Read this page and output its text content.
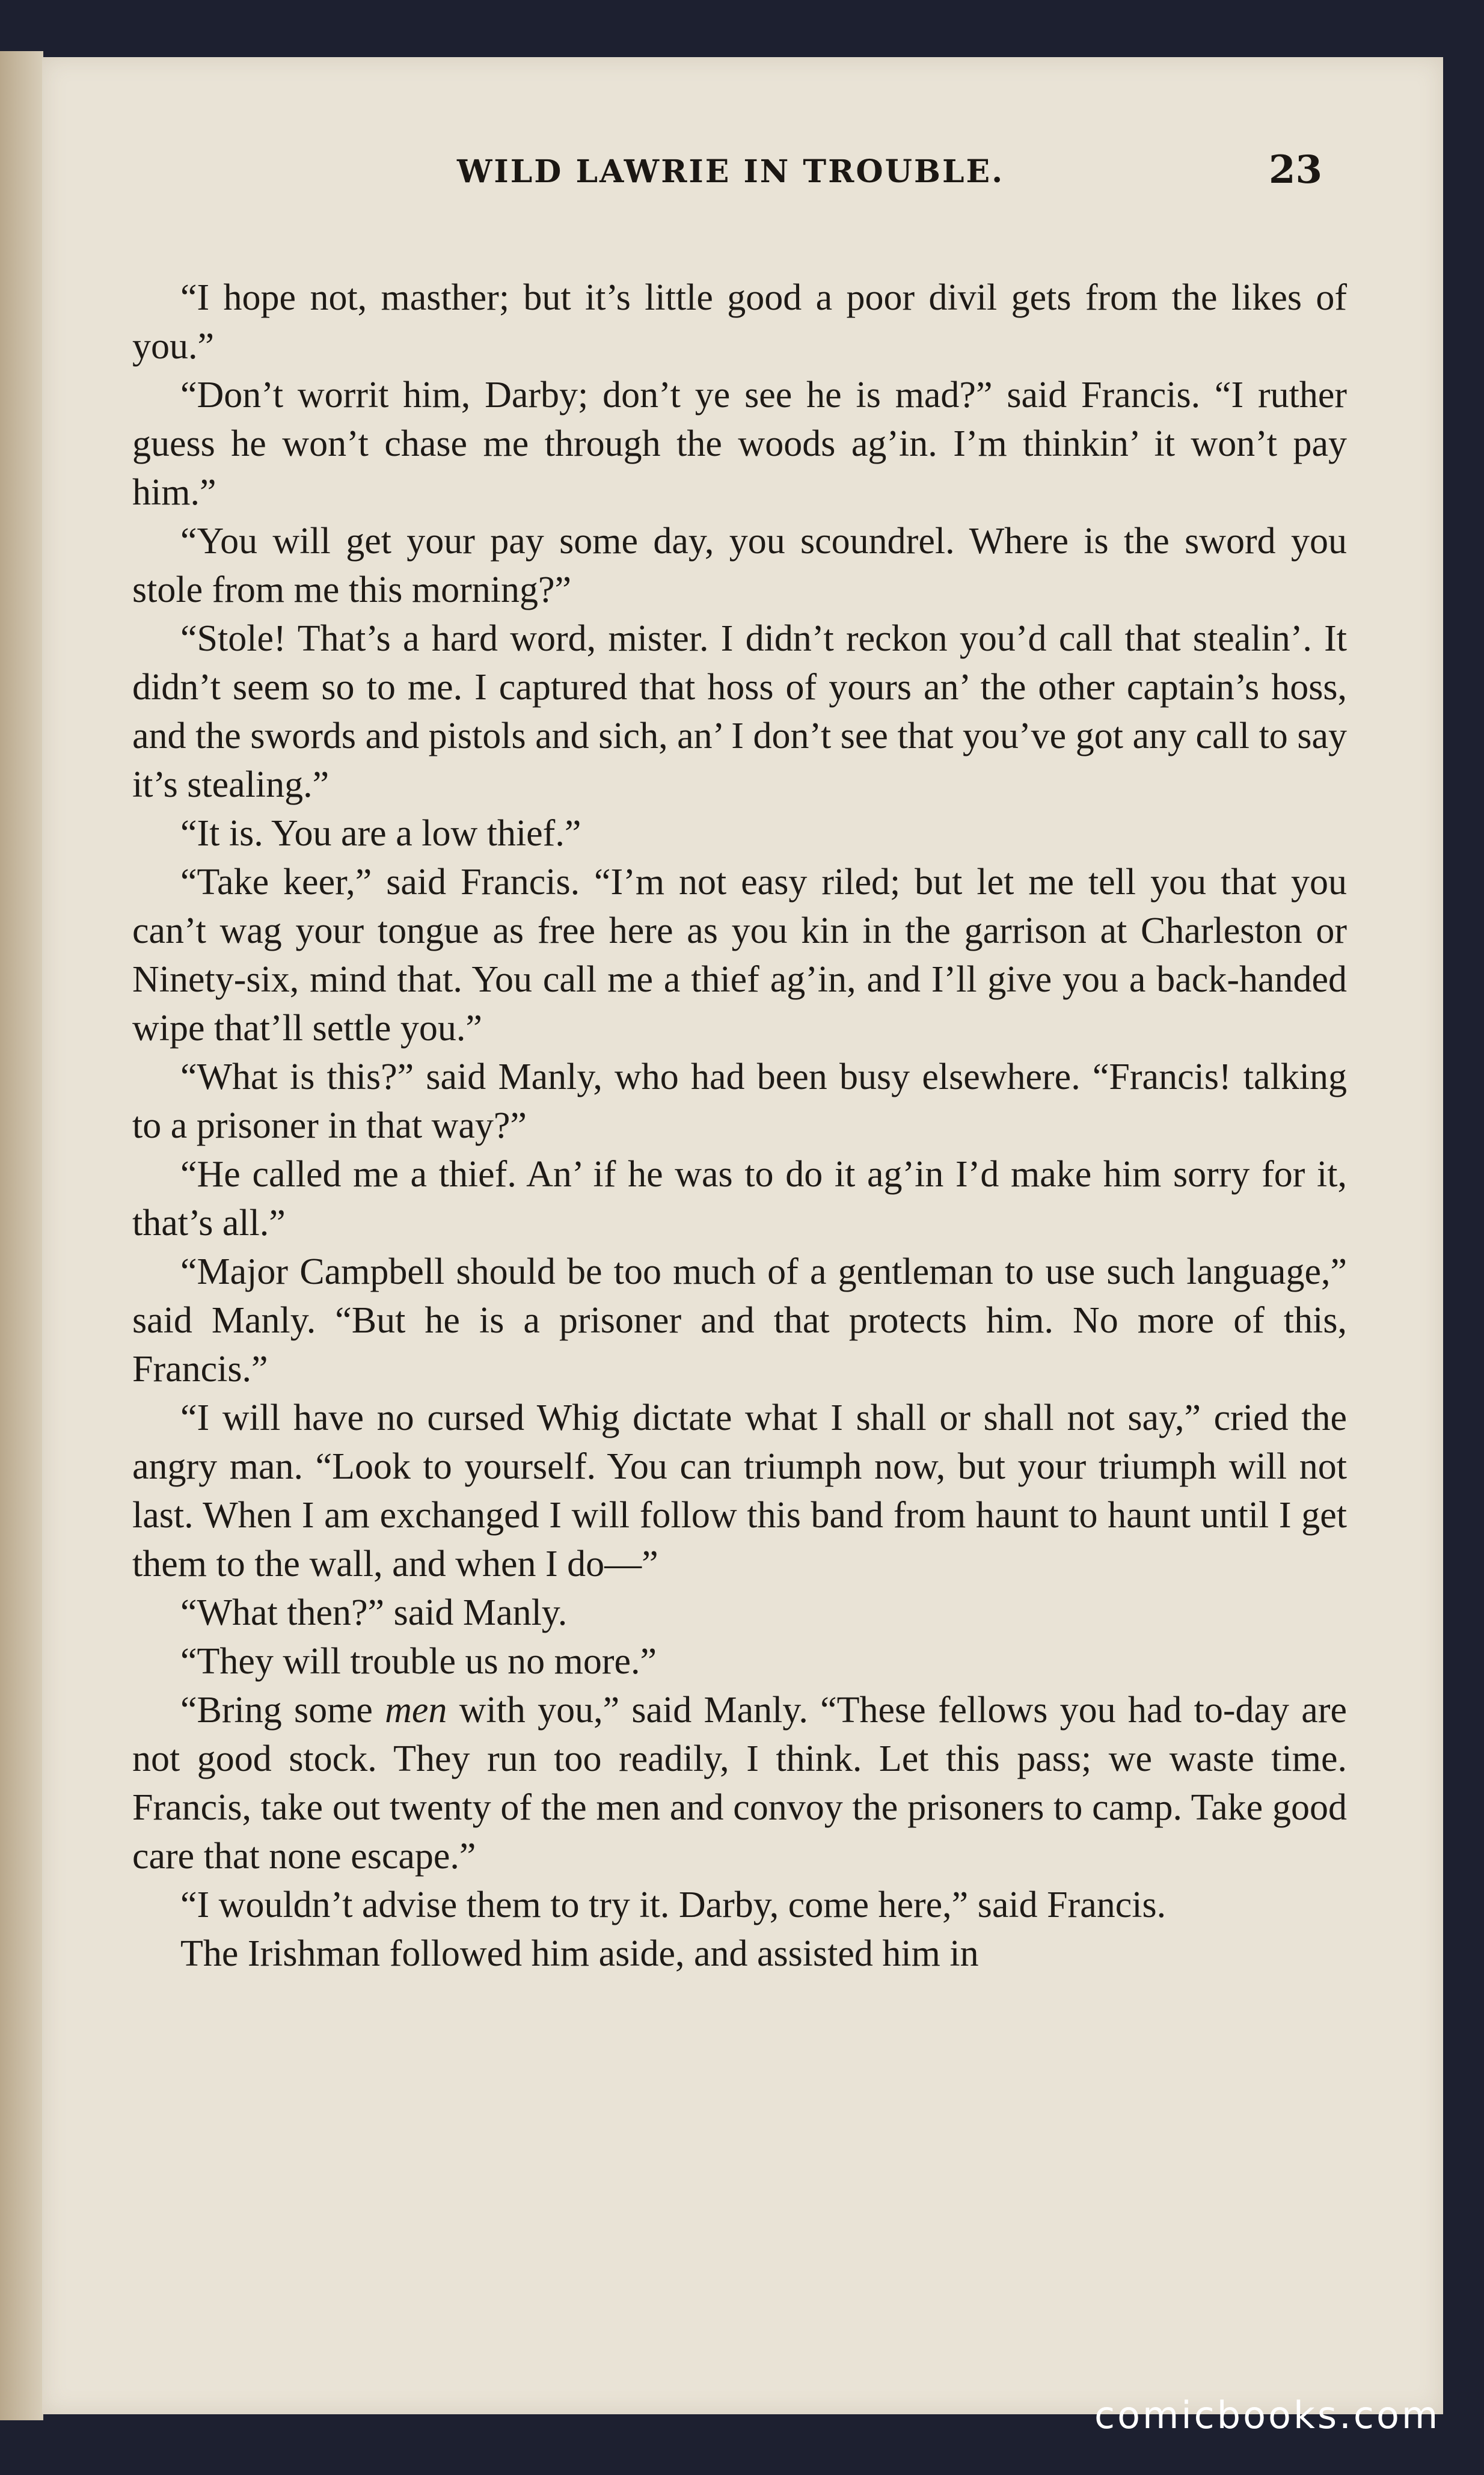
WILD LAWRIE IN TROUBLE.	23

“I hope not, masther; but it’s little good a poor divil gets from the likes of you.”

“Don’t worrit him, Darby; don’t ye see he is mad?” said Francis. “I ruther guess he won’t chase me through the woods ag’in. I’m thinkin’ it won’t pay him.”

“You will get your pay some day, you scoundrel. Where is the sword you stole from me this morning?”

“Stole! That’s a hard word, mister. I didn’t reckon you’d call that stealin’. It didn’t seem so to me. I captured that hoss of yours an’ the other captain’s hoss, and the swords and pistols and sich, an’ I don’t see that you’ve got any call to say it’s stealing.”

“It is. You are a low thief.”

“Take keer,” said Francis. “I’m not easy riled; but let me tell you that you can’t wag your tongue as free here as you kin in the garrison at Charleston or Ninety-six, mind that. You call me a thief ag’in, and I’ll give you a back-handed wipe that’ll settle you.”

“What is this?” said Manly, who had been busy elsewhere. “Francis! talking to a prisoner in that way?”

“He called me a thief. An’ if he was to do it ag’in I’d make him sorry for it, that’s all.”

“Major Campbell should be too much of a gentleman to use such language,” said Manly. “But he is a prisoner and that protects him. No more of this, Francis.”

“I will have no cursed Whig dictate what I shall or shall not say,” cried the angry man. “Look to yourself. You can triumph now, but your triumph will not last. When I am exchanged I will follow this band from haunt to haunt until I get them to the wall, and when I do—”

“What then?” said Manly.

“They will trouble us no more.”

“Bring some men with you,” said Manly. “These fellows you had to-day are not good stock. They run too readily, I think. Let this pass; we waste time. Francis, take out twenty of the men and convoy the prisoners to camp. Take good care that none escape.”

“I wouldn’t advise them to try it. Darby, come here,” said Francis.

The Irishman followed him aside, and assisted him in

comicbooks.com
